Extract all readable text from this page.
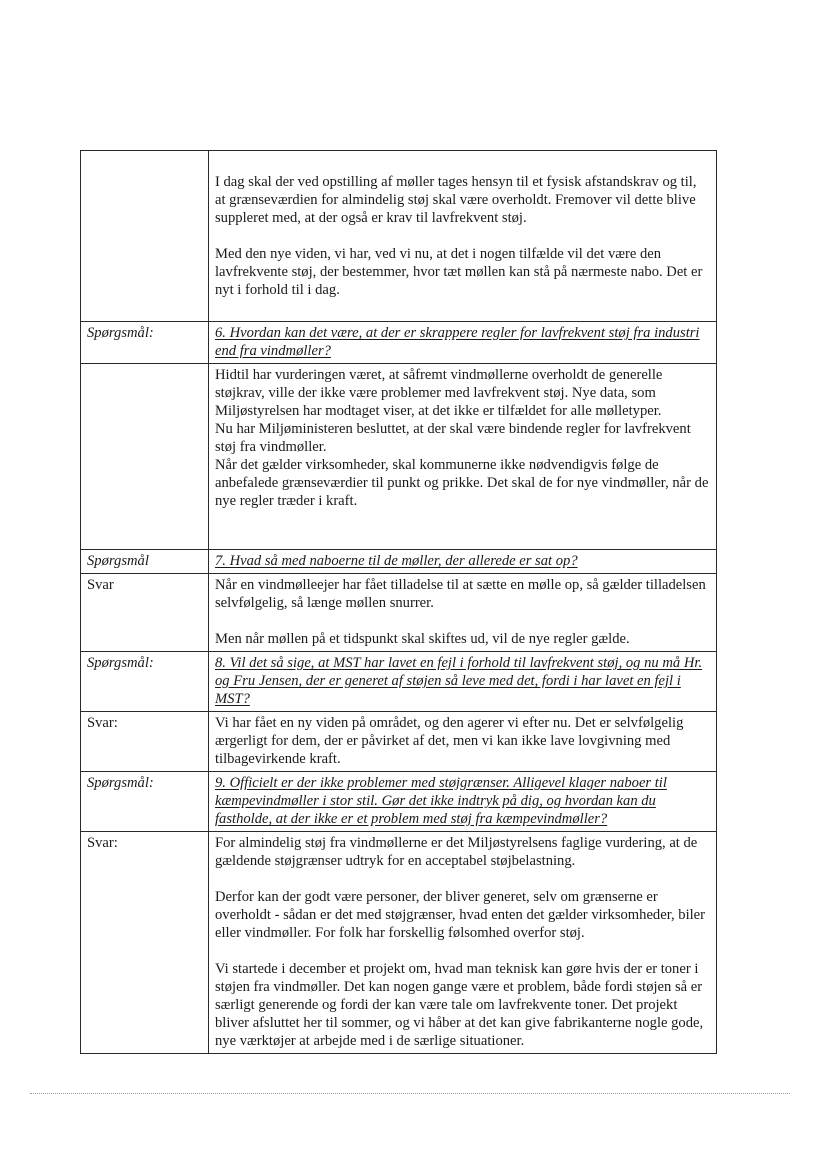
	I dag skal der ved opstilling af møller tages hensyn til et fysisk afstandskrav og til, at grænseværdien for almindelig støj skal være overholdt. Fremover vil dette blive suppleret med, at der også er krav til lavfrekvent støj.

Med den nye viden, vi har, ved vi nu, at det i nogen tilfælde vil det være den lavfrekvente støj, der bestemmer, hvor tæt møllen kan stå på nærmeste nabo. Det er nyt i forhold til i dag.

Spørgsmål:	6. Hvordan kan det være, at der er skrappere regler for lavfrekvent støj fra industri end fra vindmøller?

	Hidtil har vurderingen været, at såfremt vindmøllerne overholdt de generelle støjkrav, ville der ikke være problemer med lavfrekvent støj. Nye data, som Miljøstyrelsen har modtaget viser, at det ikke er tilfældet for alle mølletyper.

Nu har Miljøministeren besluttet, at der skal være bindende regler for lavfrekvent støj fra vindmøller.

Når det gælder virksomheder, skal kommunerne ikke nødvendigvis følge de anbefalede grænseværdier til punkt og prikke. Det skal de for nye vindmøller, når de nye regler træder i kraft.

Spørgsmål	7. Hvad så med naboerne til de møller, der allerede er sat op?
Svar	Når en vindmølleejer har fået tilladelse til at sætte en mølle op, så gælder tilladelsen selvfølgelig, så længe møllen snurrer.

Men når møllen på et tidspunkt skal skiftes ud, vil de nye regler gælde.

Spørgsmål:	8. Vil det så sige, at MST har lavet en fejl i forhold til lavfrekvent støj, og nu må Hr. og Fru Jensen, der er generet af støjen så leve med det, fordi i har lavet en fejl i MST?
Svar:	Vi har fået en ny viden på området, og den agerer vi efter nu. Det er selvfølgelig ærgerligt for dem, der er påvirket af det, men vi kan ikke lave lovgivning med tilbagevirkende kraft.

Spørgsmål:	9. Officielt er der ikke problemer med støjgrænser. Alligevel klager naboer til kæmpevindmøller i stor stil. Gør det ikke indtryk på dig, og hvordan kan du fastholde, at der ikke er et problem med støj fra kæmpevindmøller?
Svar:	For almindelig støj fra vindmøllerne er det Miljøstyrelsens faglige vurdering, at de gældende støjgrænser udtryk for en acceptabel støjbelastning.

Derfor kan der godt være personer, der bliver generet, selv om grænserne er overholdt - sådan er det med støjgrænser, hvad enten det gælder virksomheder, biler eller vindmøller. For folk har forskellig følsomhed overfor støj.

Vi startede i december et projekt om, hvad man teknisk kan gøre hvis der er toner i støjen fra vindmøller. Det kan nogen gange være et problem, både fordi støjen så er særligt generende og fordi der kan være tale om lavfrekvente toner. Det projekt bliver afsluttet her til sommer, og vi håber at det kan give fabrikanterne nogle gode, nye værktøjer at arbejde med i de særlige situationer.
